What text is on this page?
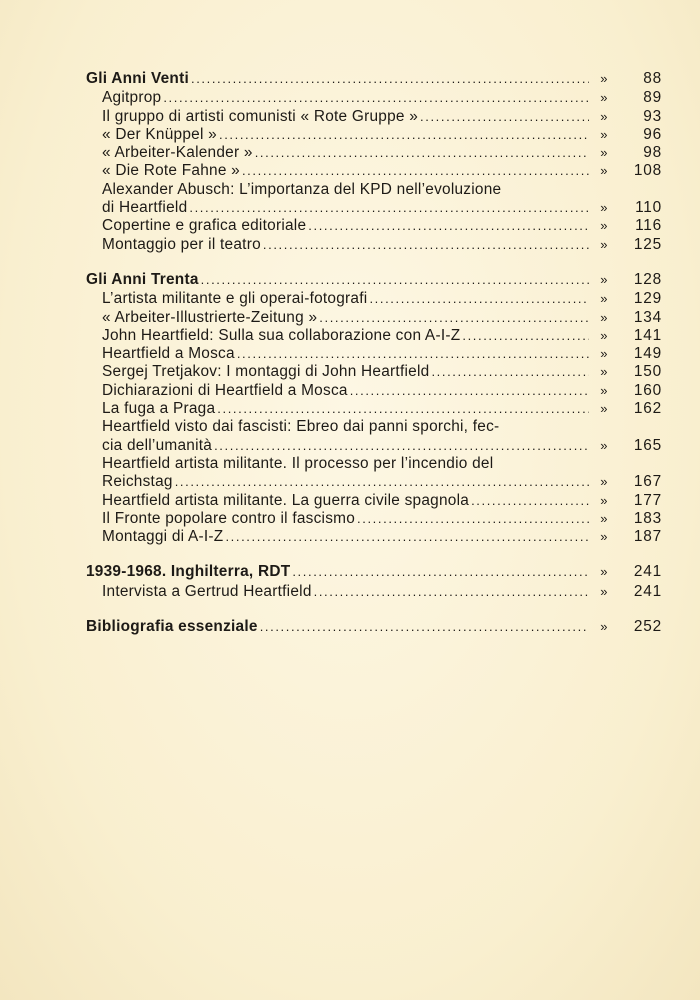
Gli Anni Venti .....	»	88
Agitprop .....	»	89
Il gruppo di artisti comunisti « Rote Gruppe » .....	»	93
« Der Knüppel » .....	»	96
« Arbeiter-Kalender » .....	»	98
« Die Rote Fahne » .....	»	108
Alexander Abusch: L’importanza del KPD nell’evoluzione
di Heartfield .....	»	110
Copertine e grafica editoriale .....	»	116
Montaggio per il teatro .....	»	125
Gli Anni Trenta .....	»	128
L’artista militante e gli operai-fotografi .....	»	129
« Arbeiter-Illustrierte-Zeitung » .....	»	134
John Heartfield: Sulla sua collaborazione con A-I-Z .....	»	141
Heartfield a Mosca .....	»	149
Sergej Tretjakov: I montaggi di John Heartfield .....	»	150
Dichiarazioni di Heartfield a Mosca .....	»	160
La fuga a Praga .....	»	162
Heartfield visto dai fascisti: Ebreo dai panni sporchi, fec-
cia dell’umanità .....	»	165
Heartfield artista militante. Il processo per l’incendio del
Reichstag .....	»	167
Heartfield artista militante. La guerra civile spagnola .....	»	177
Il Fronte popolare contro il fascismo .....	»	183
Montaggi di A-I-Z .....	»	187
1939-1968. Inghilterra, RDT .....	»	241
Intervista a Gertrud Heartfield .....	»	241
Bibliografia essenziale .....	»	252
